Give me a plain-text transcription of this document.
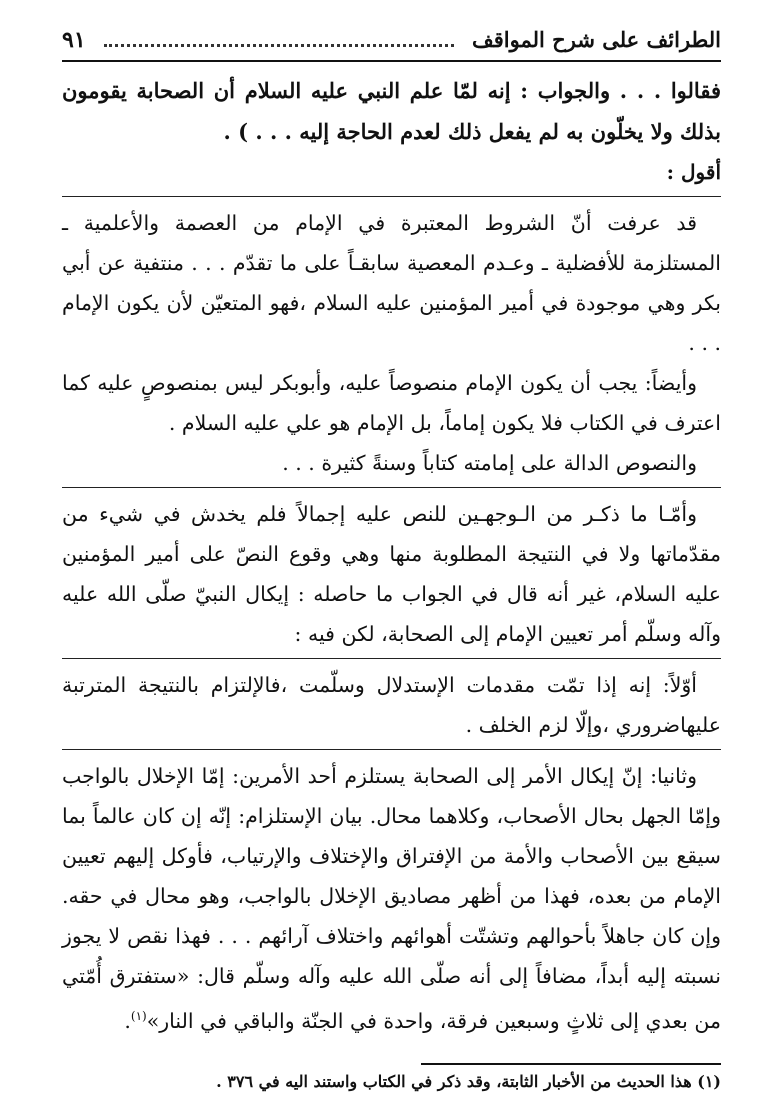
الطرائف على شرح المواقف
٩١
فقالوا . . . والجواب : إنه لمّا علم النبي عليه السلام أن الصحابة يقومون بذلك ولا يخلّون به لم يفعل ذلك لعدم الحاجة إليه . . . ) .

أقول :

قد عرفت أنّ الشروط المعتبرة في الإمام من العصمة والأعلمية ـ المستلزمة للأفضلية ـ وعـدم المعصية سابقـاً على ما تقدّم . . . منتفية عن أبي بكر وهي موجودة في أمير المؤمنين عليه السلام ،فهو المتعيّن لأن يكون الإمام . . .

وأيضاً: يجب أن يكون الإمام منصوصاً عليه، وأبوبكر ليس بمنصوصٍ عليه كما اعترف في الكتاب فلا يكون إماماً، بل الإمام هو علي عليه السلام .

والنصوص الدالة على إمامته كتاباً وسنةً كثيرة . . .

وأمّـا ما ذكـر من الـوجهـين للنص عليه إجمالاً فلم يخدش في شيء من مقدّماتها ولا في النتيجة المطلوبة منها وهي وقوع النصّ على أمير المؤمنين عليه السلام، غير أنه قال في الجواب ما حاصله : إيكال النبيّ صلّى الله عليه وآله وسلّم أمر تعيين الإمام إلى الصحابة، لكن فيه :

أوّلاً: إنه إذا تمّت مقدمات الإستدلال وسلّمت ،فالإلتزام بالنتيجة المترتبة عليهاضروري ،وإلّا لزم الخلف .

وثانيا: إنّ إيكال الأمر إلى الصحابة يستلزم أحد الأمرين: إمّا الإخلال بالواجب وإمّا الجهل بحال الأصحاب، وكلاهما محال. بيان الإستلزام: إنّه إن كان عالماً بما سيقع بين الأصحاب والأمة من الإفتراق والإختلاف والإرتياب، فأوكل إليهم تعيين الإمام من بعده، فهذا من أظهر مصاديق الإخلال بالواجب، وهو محال في حقه. وإن كان جاهلاً بأحوالهم وتشتّت أهوائهم واختلاف آرائهم . . . فهذا نقص لا يجوز نسبته إليه أبداً، مضافاً إلى أنه صلّى الله عليه وآله وسلّم قال: «ستفترق أُمّتي من بعدي إلى ثلاثٍ وسبعين فرقة، واحدة في الجنّة والباقي في النار»$^{(١)}$.

(١) هذا الحديث من الأخبار الثابتة، وقد ذكر في الكتاب واستند اليه في ٣٧٦ .
